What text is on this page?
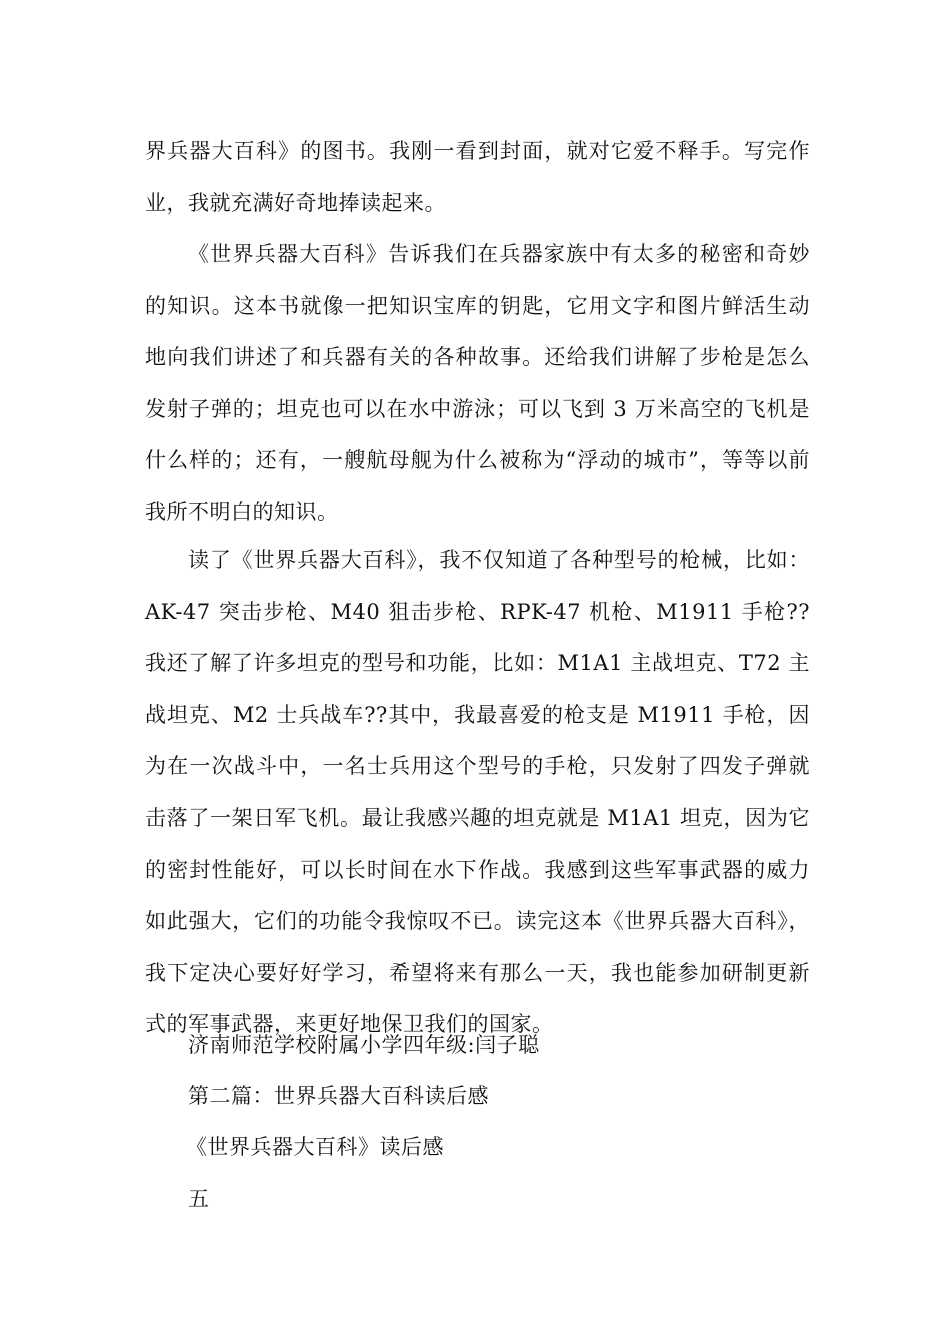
界兵器大百科》的图书。我刚一看到封面，就对它爱不释手。写完作业，我就充满好奇地捧读起来。

《世界兵器大百科》告诉我们在兵器家族中有太多的秘密和奇妙的知识。这本书就像一把知识宝库的钥匙，它用文字和图片鲜活生动地向我们讲述了和兵器有关的各种故事。还给我们讲解了步枪是怎么发射子弹的；坦克也可以在水中游泳；可以飞到 3 万米高空的飞机是什么样的；还有，一艘航母舰为什么被称为“浮动的城市”，等等以前我所不明白的知识。

读了《世界兵器大百科》，我不仅知道了各种型号的枪械，比如：AK-47 突击步枪、M40 狙击步枪、RPK-47 机枪、M1911 手枪??我还了解了许多坦克的型号和功能，比如：M1A1 主战坦克、T72 主战坦克、M2 士兵战车??其中，我最喜爱的枪支是 M1911 手枪，因为在一次战斗中，一名士兵用这个型号的手枪，只发射了四发子弹就击落了一架日军飞机。最让我感兴趣的坦克就是 M1A1 坦克，因为它的密封性能好，可以长时间在水下作战。我感到这些军事武器的威力如此强大，它们的功能令我惊叹不已。读完这本《世界兵器大百科》，我下定决心要好好学习，希望将来有那么一天，我也能参加研制更新式的军事武器，来更好地保卫我们的国家。

济南师范学校附属小学四年级:闫子聪

第二篇：世界兵器大百科读后感

《世界兵器大百科》读后感

五
